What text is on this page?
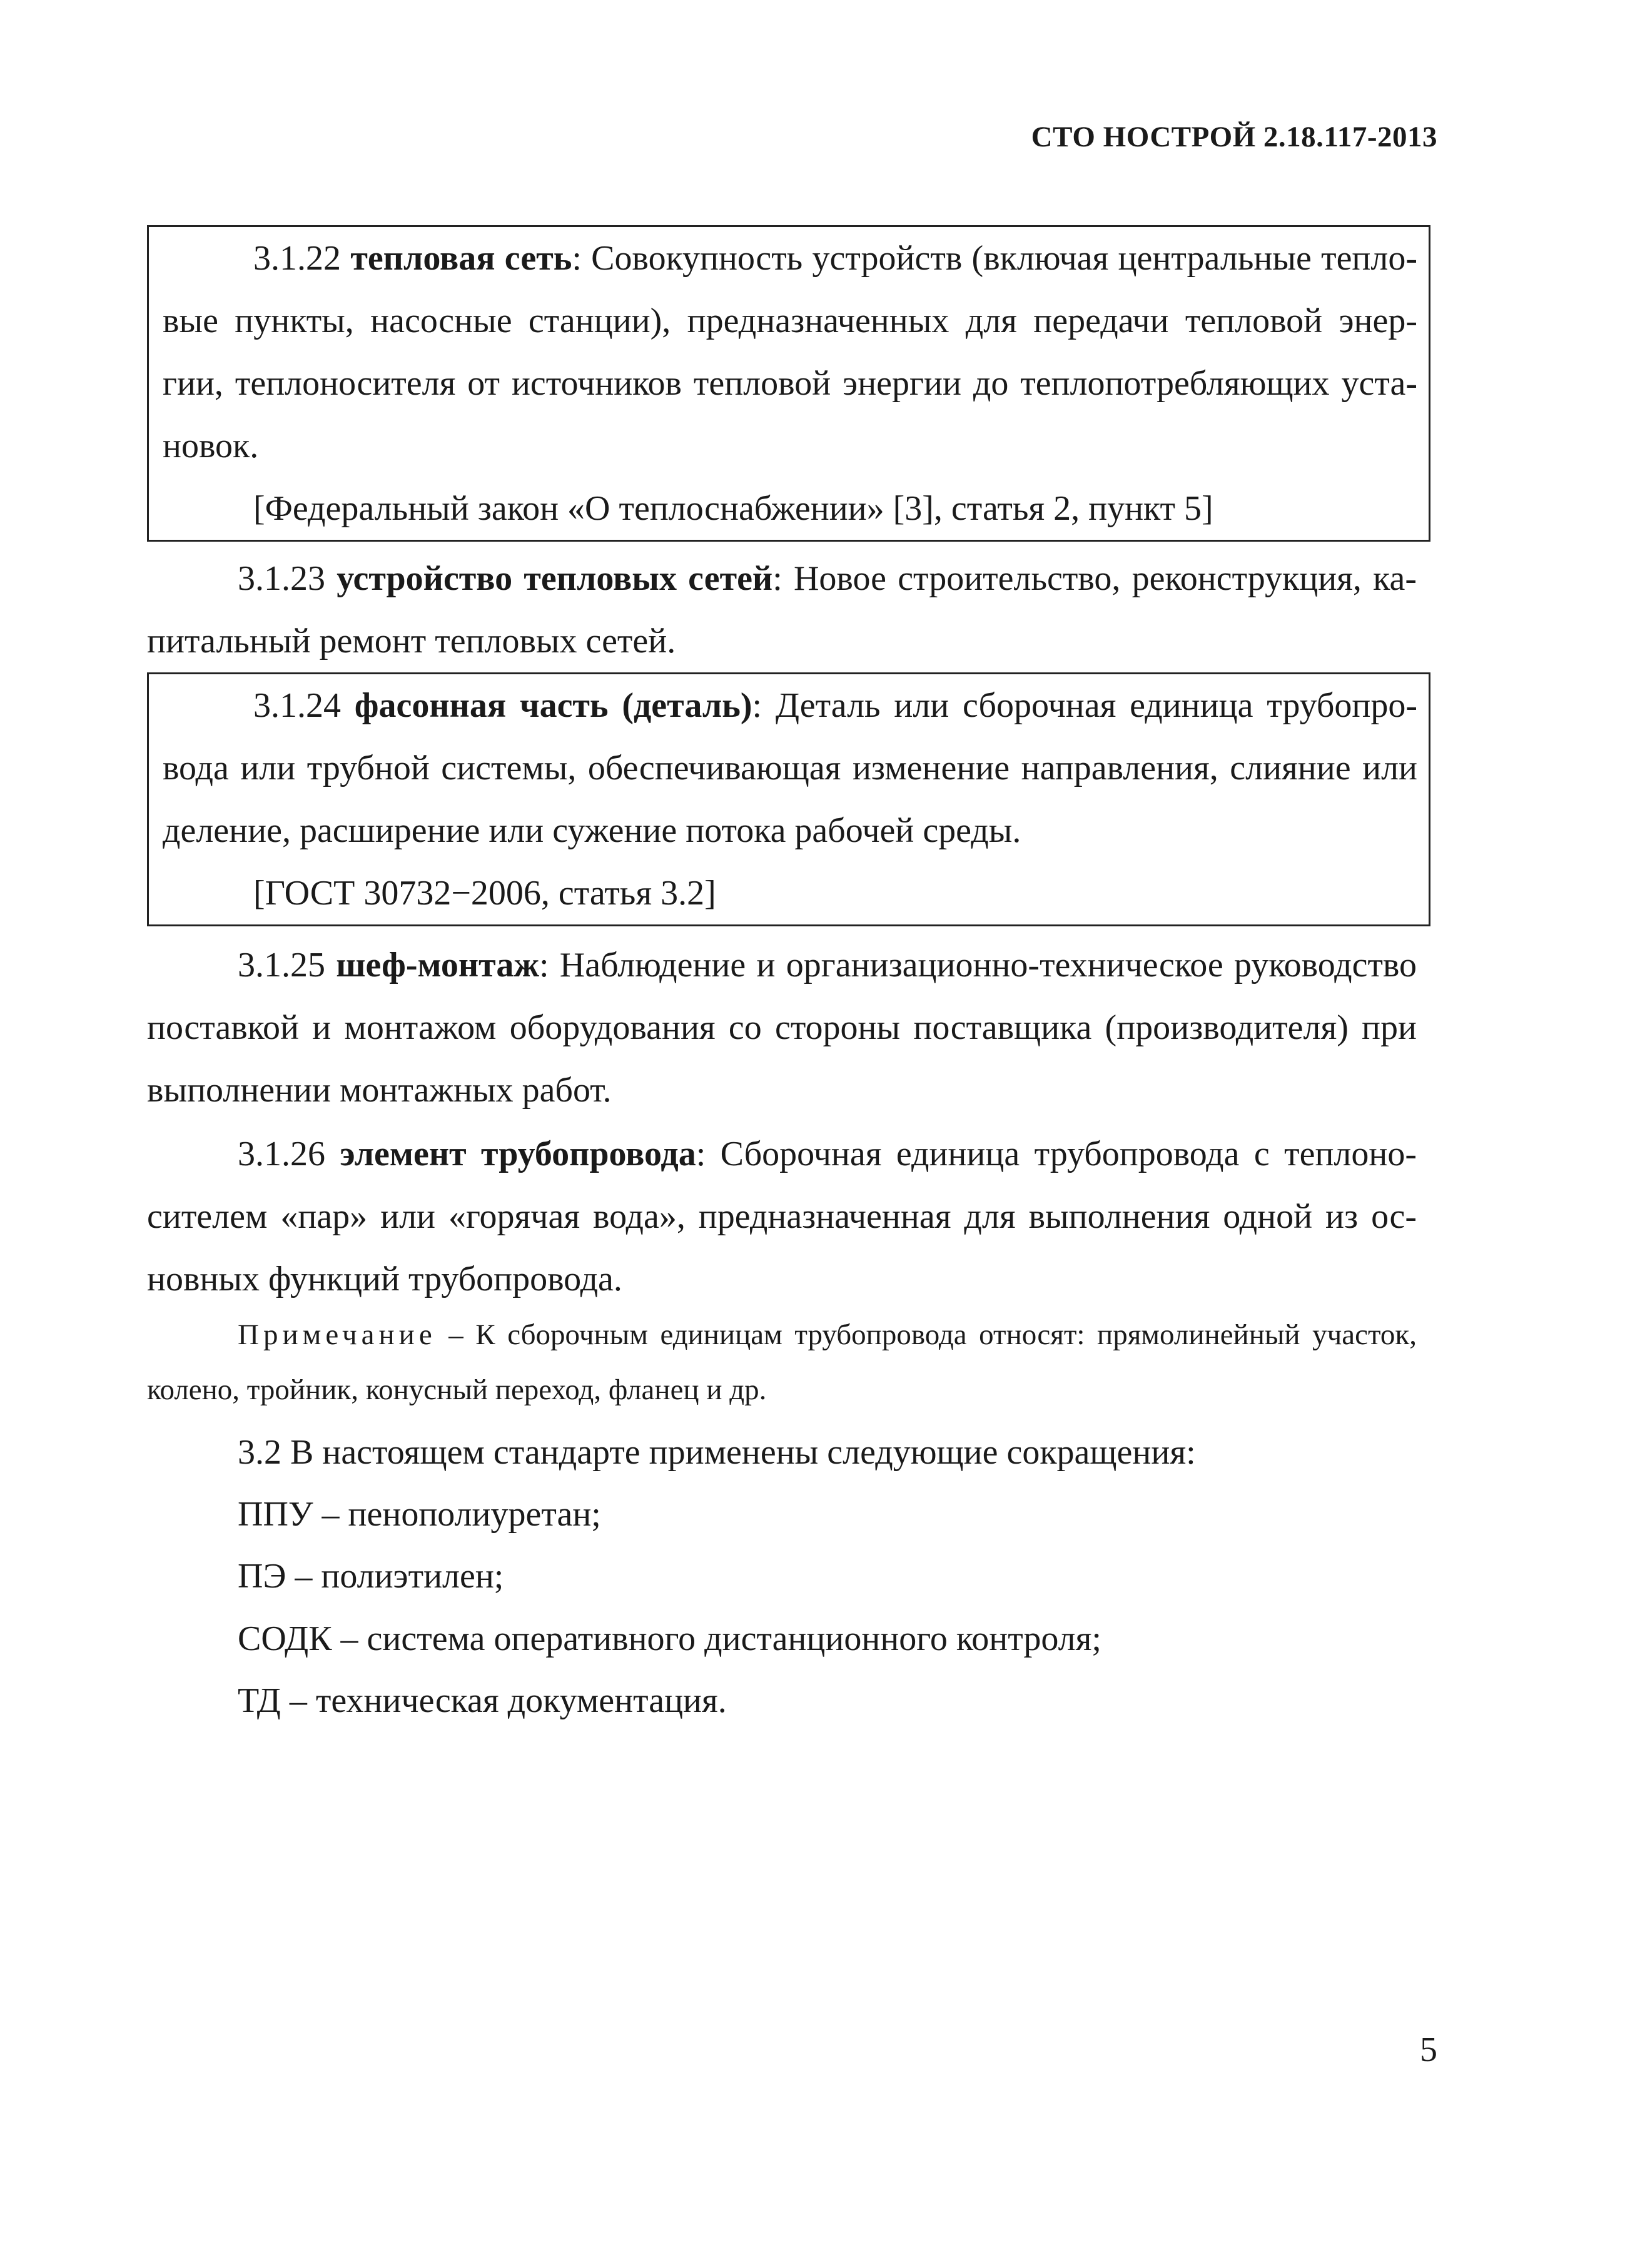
СТО НОСТРОЙ 2.18.117-2013
3.1.22 тепловая сеть: Совокупность устройств (включая центральные тепло-
вые пункты, насосные станции), предназначенных для передачи тепловой энер-
гии, теплоносителя от источников тепловой энергии до теплопотребляющих уста-
новок.
[Федеральный закон «О теплоснабжении» [3], статья 2, пункт 5]
3.1.23 устройство тепловых сетей: Новое строительство, реконструкция, ка-
питальный ремонт тепловых сетей.
3.1.24 фасонная часть (деталь): Деталь или сборочная единица трубопро-
вода или трубной системы, обеспечивающая изменение направления, слияние или
деление, расширение или сужение потока рабочей среды.
[ГОСТ 30732−2006, статья 3.2]
3.1.25 шеф-монтаж: Наблюдение и организационно-техническое руководство
поставкой и монтажом оборудования со стороны поставщика (производителя) при
выполнении монтажных работ.
3.1.26 элемент трубопровода: Сборочная единица трубопровода с теплоно-
сителем «пар» или «горячая вода», предназначенная для выполнения одной из ос-
новных функций трубопровода.
Примечание – К сборочным единицам трубопровода относят: прямолинейный участок,
колено, тройник, конусный переход, фланец и др.
3.2 В настоящем стандарте применены следующие сокращения:
ППУ – пенополиуретан;
ПЭ – полиэтилен;
СОДК – система оперативного дистанционного контроля;
ТД – техническая документация.
5
